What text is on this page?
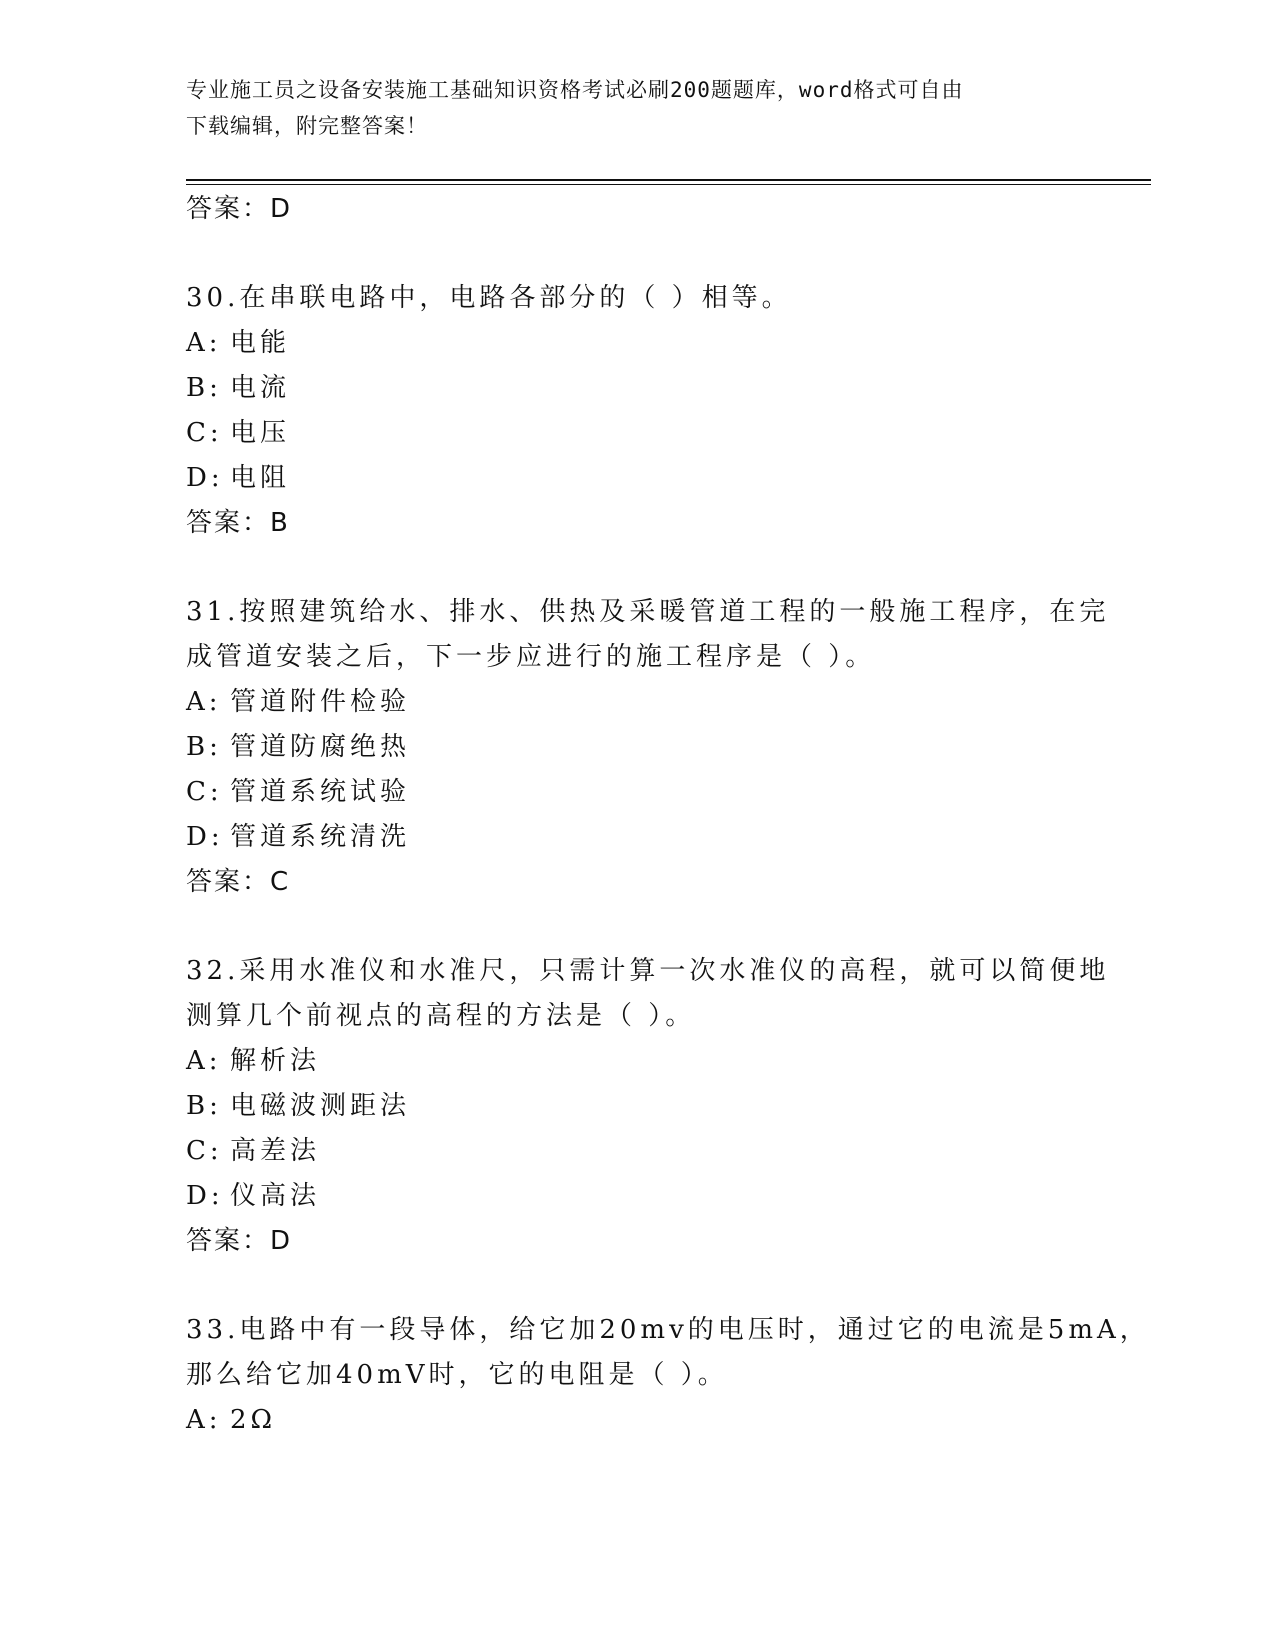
专业施工员之设备安装施工基础知识资格考试必刷200题题库，word格式可自由
下载编辑，附完整答案！
答案：D
30.在串联电路中，电路各部分的（ ）相等。
A: 电能
B: 电流
C: 电压
D: 电阻
答案：B
31.按照建筑给水、排水、供热及采暖管道工程的一般施工程序，在完
成管道安装之后，下一步应进行的施工程序是（ ）。
A: 管道附件检验
B: 管道防腐绝热
C: 管道系统试验
D: 管道系统清洗
答案：C
32.采用水准仪和水准尺，只需计算一次水准仪的高程，就可以简便地
测算几个前视点的高程的方法是（ ）。
A: 解析法
B: 电磁波测距法
C: 高差法
D: 仪高法
答案：D
33.电路中有一段导体，给它加20mv的电压时，通过它的电流是5mA，
那么给它加40mV时，它的电阻是（ ）。
A: 2Ω
